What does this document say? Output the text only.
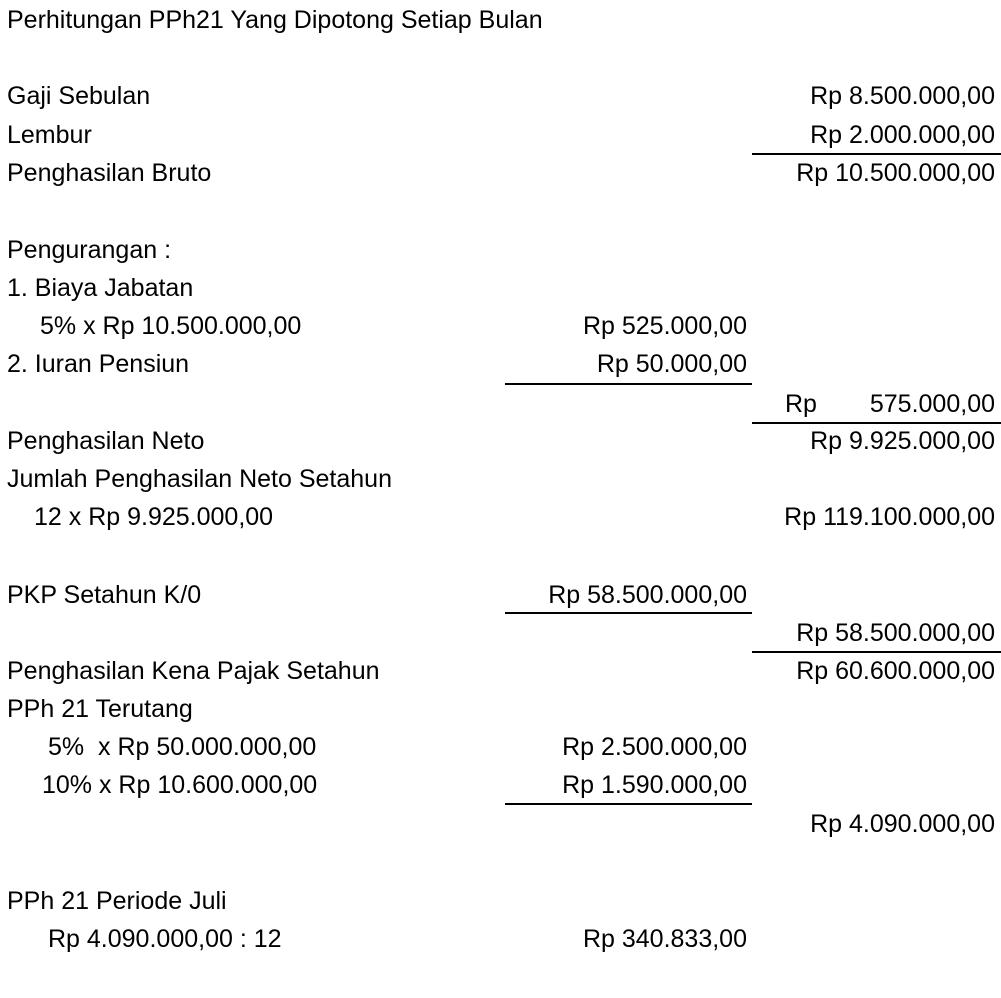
Perhitungan PPh21 Yang Dipotong Setiap Bulan
Gaji Sebulan	Rp 8.500.000,00
Lembur	Rp 2.000.000,00
Penghasilan Bruto	Rp 10.500.000,00
Pengurangan :
1. Biaya Jabatan
5% x Rp 10.500.000,00	Rp 525.000,00
2. Iuran Pensiun	Rp 50.000,00
Rp 575.000,00
Penghasilan Neto	Rp 9.925.000,00
Jumlah Penghasilan Neto Setahun
12 x Rp 9.925.000,00	Rp 119.100.000,00
PKP Setahun K/0	Rp 58.500.000,00
Rp 58.500.000,00
Penghasilan Kena Pajak Setahun	Rp 60.600.000,00
PPh 21 Terutang
5%  x Rp 50.000.000,00	Rp 2.500.000,00
10% x Rp 10.600.000,00	Rp 1.590.000,00
Rp 4.090.000,00
PPh 21 Periode Juli
Rp 4.090.000,00 : 12	Rp 340.833,00
